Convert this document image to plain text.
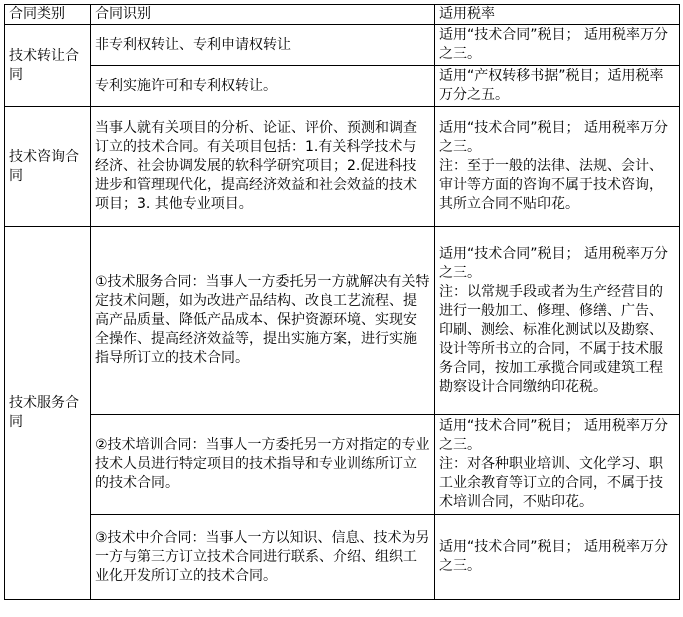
合同类别	合同识别	适用税率
技术转让合同	非专利权转让、专利申请权转让	适用“技术合同”税目； 适用税率万分之三。
	专利实施许可和专利权转让。	适用“产权转移书据”税目；适用税率万分之五。
技术咨询合同	当事人就有关项目的分析、论证、评价、预测和调查订立的技术合同。有关项目包括：1.有关科学技术与经济、社会协调发展的软科学研究项目；2.促进科技进步和管理现代化，提高经济效益和社会效益的技术项目；3. 其他专业项目。	适用“技术合同”税目； 适用税率万分之三。
注：至于一般的法律、法规、会计、审计等方面的咨询不属于技术咨询，其所立合同不贴印花。

技术服务合同	①技术服务合同：当事人一方委托另一方就解决有关特定技术问题，如为改进产品结构、改良工艺流程、提高产品质量、降低产品成本、保护资源环境、实现安全操作、提高经济效益等，提出实施方案，进行实施指导所订立的技术合同。	适用“技术合同”税目； 适用税率万分之三。
注：以常规手段或者为生产经营目的进行一般加工、修理、修缮、广告、印刷、测绘、标准化测试以及勘察、设计等所书立的合同，不属于技术服务合同，按加工承揽合同或建筑工程勘察设计合同缴纳印花税。

	②技术培训合同：当事人一方委托另一方对指定的专业技术人员进行特定项目的技术指导和专业训练所订立的技术合同。	适用“技术合同”税目； 适用税率万分之三。
注：对各种职业培训、文化学习、职工业余教育等订立的合同，不属于技术培训合同，不贴印花。

	③技术中介合同：当事人一方以知识、信息、技术为另一方与第三方订立技术合同进行联系、介绍、组织工业化开发所订立的技术合同。	适用“技术合同”税目； 适用税率万分之三。
